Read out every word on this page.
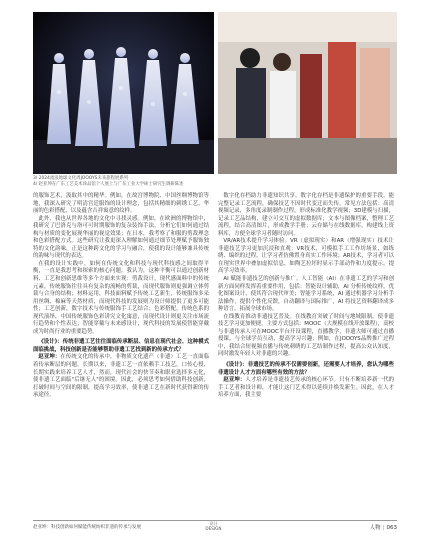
3/ 2024流浪地球文化周JOOOYS未来旅程展系列
4/ 赵亚坤在广东工艺美术珍品馆个人展上与广东工业大学硕士研究生调研陈述

的服饰艺术，汲取其中的精华。例如，在故宫博物院、中国丝绸博物馆等地，我深入研究了明清宫廷服饰的设计理念，包括其精细的刺绣工艺、华丽的色彩搭配，以及蕴含吉祥寓意的纹样。

此外，我也从世界各地的文化中寻找灵感。例如，在欧洲的博物馆中，我研究了巴洛克与洛可可时期服饰的复杂装饰手法，分析它们如何通过结构与材质的变化展现华丽的视觉效果；在日本，我考察了和服的剪裁理念和色彩搭配方式。这些研究让我更深入理解如何通过细节处理赋予服饰独特的文化韵味，正是这种跨文化的学习与融合，使我的设计能够兼具传统的韵味与现代的表达。

在我的设计实践中，如何在传统文化和科技与现代科技感之间取得平衡，一直是我思考和探索的核心问题。我认为，这种平衡可以通过创新材料、工艺和创新思维等多个方面来实现：剪裁设计，现代感面料中的传统元素，传统服饰往往具有复杂的流畅的剪裁，而现代服饰则更强调立体剪裁与合身的结构；材料运用，科技面料赋予传统工艺新生，传统服饰多采用丝绸、棉麻等天然材质，而现代科技的发展则为设计师提供了更多可能性；工艺创新，数字技术与传统服饰手工艺结合；色彩搭配，传统色系的现代演绎，中国传统服饰色彩讲究文化寓意，而现代设计则更关注市场流行趋势和个性表达；智能穿戴与未来感设计，现代科技的发展使智能穿戴成为时尚行业的重要趋势。

《设计》：传统非遗工艺往往面临传承断层、信息在现代社会、这种模式面临挑战，科技创新是否能够帮助非遗工艺找到新的传承方式？

赵亚坤：在传统文化的传承中，非物质文化遗产（非遗）工艺一直面临着传承断层的问题。长期以来，非遗工艺一直依赖手工技艺，口传心授、长期实践来培养工艺人才，然而，现代社会的快节奏和职业选择多元化，使非遗工艺面临"后继无人"的困境。因此，必须思考如何借助科技创新，打破时间与空间的限制，提高学习效率，使非遗工艺在新时代获得新的传承途径。

数字化存档助力非遗知识共享。数字化存档是非遗保护的重要手段，能完整记录工艺流程，确保技艺不因时代变迁而失传。常见方法包括：高清视频记录，多角度录制制作过程，形成标准化教学视频；3D建模与扫描，记录工艺品结构，建立可交互的虚拟数据库；文本与图像档案，整理工艺流程，结合高清图片，形成教学手册；云存储与在线数据库，构建线上资料库，方便全球学习者随时访问。

VR/AR技术提升学习体验。VR（虚拟现实）和AR（增强现实）技术让非遗技艺学习更加沉浸和直观：VR技术，可模拟手工工作坊场景，如练绣、编织的过程，让学习者仿佛置身真实工作环境；AR技术，学习者可以在现实世界中叠加虚拟信息，如陶艺拉坯时显示手部动作和力度提示，提高学习效率。

AI 赋能非遗技艺的创新与推广。人工智能（AI）在非遗工艺的学习和创新方面同样发挥着重要作用，包括：智能设计辅助，AI 分析传统纹样，优化图案设计，使其符合现代审美；智能学习系统，AI 通过机器学习分析手法操作，提供个性化反馈，自动翻译与国际推广，AI 将技艺资料翻译成多种语言，拓展全球市场。

在线教育推动非遗技艺普及。在线教育突破了时间与地域限制，使非遗技艺学习更加便捷，主要方式包括：MOOC（大规模在线开放课程），高校与非遗传承人可在MOOC平台开设课程，直播教学，非遗大师可通过直播授课，与全球学员互动，提高学习兴趣；例如，在JOOOYS品牌推广过程中，我结合短视频直播与传统刺绣的工艺结制作过程，提高公众认知度，同时激发年轻人对非遗的兴趣。

《设计》：非遗技艺的传承不仅需要创新，还需要人才培养，您认为哪些非遗设计人才方面有哪些有效的方法？

赵亚坤：人才培养是非遗技艺传承的核心环节。只有不断培养新一代的手工艺者和设计师，才能让这门艺术得以延续并焕发新生。因此，在人才培养方面，我主要

赵亚坤：科技创新如何赋能传统纺织非遗的传承与发展
设计
DESIGN	人物 | 063
